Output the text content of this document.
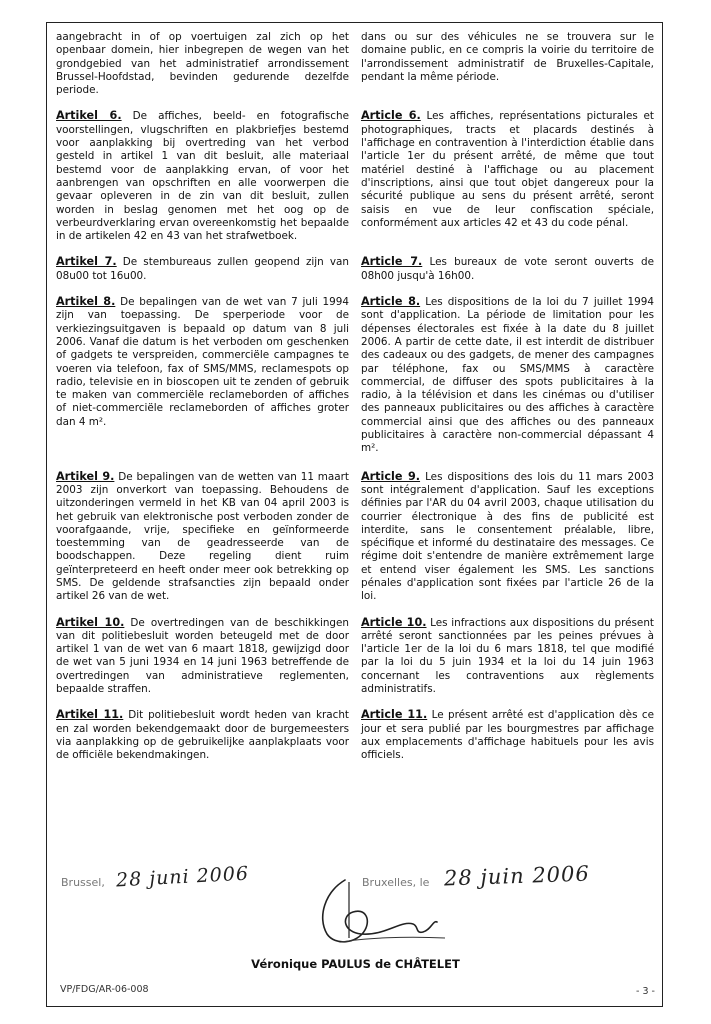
aangebracht in of op voertuigen zal zich op het openbaar domein, hier inbegrepen de wegen van het grondgebied van het administratief arrondissement Brussel-Hoofdstad, bevinden gedurende dezelfde periode.

dans ou sur des véhicules ne se trouvera sur le domaine public, en ce compris la voirie du territoire de l'arrondissement administratif de Bruxelles-Capitale, pendant la même période.

Artikel 6. De affiches, beeld- en fotografische voorstellingen, vlugschriften en plakbriefjes bestemd voor aanplakking bij overtreding van het verbod gesteld in artikel 1 van dit besluit, alle materiaal bestemd voor de aanplakking ervan, of voor het aanbrengen van opschriften en alle voorwerpen die gevaar opleveren in de zin van dit besluit, zullen worden in beslag genomen met het oog op de verbeurdverklaring ervan overeenkomstig het bepaalde in de artikelen 42 en 43 van het strafwetboek.

Article 6. Les affiches, représentations picturales et photographiques, tracts et placards destinés à l'affichage en contravention à l'interdiction établie dans l'article 1er du présent arrêté, de même que tout matériel destiné à l'affichage ou au placement d'inscriptions, ainsi que tout objet dangereux pour la sécurité publique au sens du présent arrêté, seront saisis en vue de leur confiscation spéciale, conformément aux articles 42 et 43 du code pénal.

Artikel 7. De stembureaus zullen geopend zijn van 08u00 tot 16u00.

Article 7. Les bureaux de vote seront ouverts de 08h00 jusqu'à 16h00.

Artikel 8. De bepalingen van de wet van 7 juli 1994 zijn van toepassing. De sperperiode voor de verkiezingsuitgaven is bepaald op datum van 8 juli 2006. Vanaf die datum is het verboden om geschenken of gadgets te verspreiden, commerciële campagnes te voeren via telefoon, fax of SMS/MMS, reclamespots op radio, televisie en in bioscopen uit te zenden of gebruik te maken van commerciële reclameborden of affiches of niet-commerciële reclameborden of affiches groter dan 4 m².

Article 8. Les dispositions de la loi du 7 juillet 1994 sont d'application. La période de limitation pour les dépenses électorales est fixée à la date du 8 juillet 2006. A partir de cette date, il est interdit de distribuer des cadeaux ou des gadgets, de mener des campagnes par téléphone, fax ou SMS/MMS à caractère commercial, de diffuser des spots publicitaires à la radio, à la télévision et dans les cinémas ou d'utiliser des panneaux publicitaires ou des affiches à caractère commercial ainsi que des affiches ou des panneaux publicitaires à caractère non-commercial dépassant 4 m².

Artikel 9. De bepalingen van de wetten van 11 maart 2003 zijn onverkort van toepassing. Behoudens de uitzonderingen vermeld in het KB van 04 april 2003 is het gebruik van elektronische post verboden zonder de voorafgaande, vrije, specifieke en geïnformeerde toestemming van de geadresseerde van de boodschappen. Deze regeling dient ruim geïnterpreteerd en heeft onder meer ook betrekking op SMS. De geldende strafsancties zijn bepaald onder artikel 26 van de wet.

Article 9. Les dispositions des lois du 11 mars 2003 sont intégralement d'application. Sauf les exceptions définies par l'AR du 04 avril 2003, chaque utilisation du courrier électronique à des fins de publicité est interdite, sans le consentement préalable, libre, spécifique et informé du destinataire des messages. Ce régime doit s'entendre de manière extrêmement large et entend viser également les SMS. Les sanctions pénales d'application sont fixées par l'article 26 de la loi.

Artikel 10. De overtredingen van de beschikkingen van dit politiebesluit worden beteugeld met de door artikel 1 van de wet van 6 maart 1818, gewijzigd door de wet van 5 juni 1934 en 14 juni 1963 betreffende de overtredingen van administratieve reglementen, bepaalde straffen.

Article 10. Les infractions aux dispositions du présent arrêté seront sanctionnées par les peines prévues à l'article 1er de la loi du 6 mars 1818, tel que modifié par la loi du 5 juin 1934 et la loi du 14 juin 1963 concernant les contraventions aux règlements administratifs.

Artikel 11. Dit politiebesluit wordt heden van kracht en zal worden bekendgemaakt door de burgemeesters via aanplakking op de gebruikelijke aanplakplaats voor de officiële bekendmakingen.

Article 11. Le présent arrêté est d'application dès ce jour et sera publié par les bourgmestres par affichage aux emplacements d'affichage habituels pour les avis officiels.

Brussel, 28 juni 2006	Bruxelles, le 28 juin 2006
Véronique PAULUS de CHÂTELET
VP/FDG/AR-06-008	- 3 -
